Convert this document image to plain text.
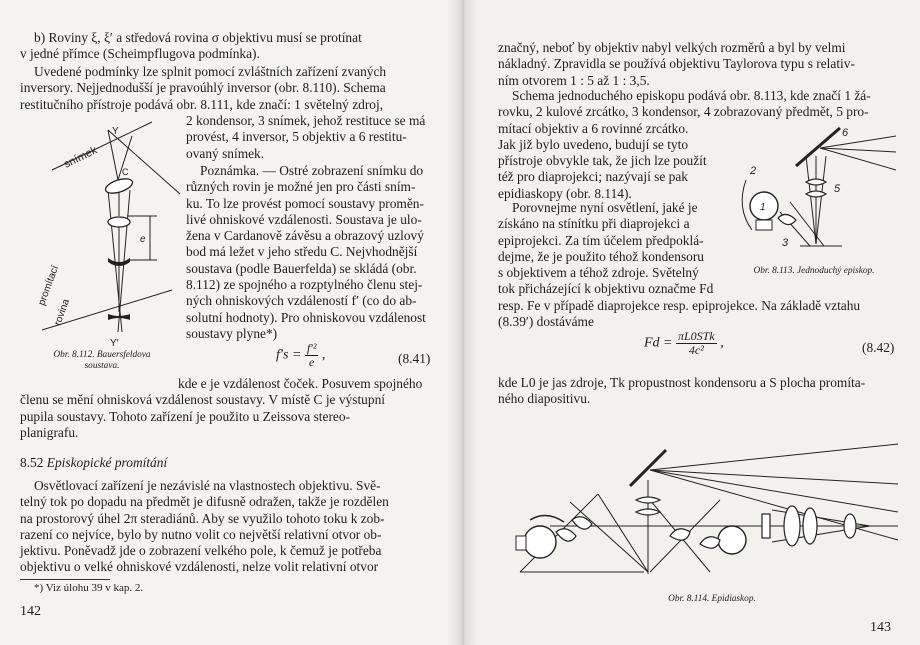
b) Roviny ξ, ξ′ a středová rovina σ objektivu musí se protínat
v jedné přímce (Scheimpflugova podmínka).
Uvedené podmínky lze splnit pomocí zvláštních zařízení zvaných
inversory. Nejjednodušší je pravoúhlý inversor (obr. 8.110). Schema
restitučního přístroje podává obr. 8.111, kde značí: 1 světelný zdroj,
2 kondensor, 3 snímek, jehož restituce se má
provést, 4 inversor, 5 objektiv a 6 restitu-
ovaný snímek.
Poznámka. — Ostré zobrazení snímku do
různých rovin je možné jen pro části sním-
ku. To lze provést pomocí soustavy proměn-
livé ohniskové vzdálenosti. Soustava je ulo-
žena v Cardanově závěsu a obrazový uzlový
bod má ležet v jeho středu C. Nejvhodnější
soustava (podle Bauerfelda) se skládá (obr.
8.112) ze spojného a rozptylného členu stej-
ných ohniskových vzdáleností f′ (co do ab-
solutní hodnoty). Pro ohniskovou vzdálenost
soustavy plyne*)
snímek
Y
C
e
promítací
rovina
Y′
Obr. 8.112. Bauersfeldova
soustava.
$f's = \frac{\text{f′²}}{e}$ ,	(8.41)
kde e je vzdálenost čoček. Posuvem spojného
členu se mění ohnisková vzdálenost soustavy. V místě C je výstupní
pupila soustavy. Tohoto zařízení je použito u Zeissova stereo-
planigrafu.
8.52 Episkopické promítání
Osvětlovací zařízení je nezávislé na vlastnostech objektivu. Svě-
telný tok po dopadu na předmět je difusně odražen, takže je rozdělen
na prostorový úhel 2π steradiánů. Aby se využilo tohoto toku k zob-
razení co nejvíce, bylo by nutno volit co největší relativní otvor ob-
jektivu. Poněvadž jde o zobrazení velkého pole, k čemuž je potřeba
objektivu o velké ohniskové vzdálenosti, nelze volit relativní otvor
*) Viz úlohu 39 v kap. 2.
142
značný, neboť by objektiv nabyl velkých rozměrů a byl by velmi
nákladný. Zpravidla se používá objektivu Taylorova typu s relativ-
ním otvorem 1 : 5 až 1 : 3,5.
Schema jednoduchého episkopu podává obr. 8.113, kde značí 1 žá-
rovku, 2 kulové zrcátko, 3 kondensor, 4 zobrazovaný předmět, 5 pro-
mítací objektiv a 6 rovinné zrcátko.
Jak již bylo uvedeno, budují se tyto
přístroje obvykle tak, že jich lze použít
též pro diaprojekci; nazývají se pak
epidiaskopy (obr. 8.114).
Porovnejme nyní osvětlení, jaké je
získáno na stínítku při diaprojekci a
epiprojekci. Za tím účelem předpoklá-
dejme, že je použito téhož kondensoru
s objektivem a téhož zdroje. Světelný
tok přicházející k objektivu označme Fd
resp. Fe v případě diaprojekce resp. epiprojekce. Na základě vztahu
(8.39′) dostáváme
6
2
1
5
3
Obr. 8.113. Jednoduchý episkop.
$Fd = \frac{\text{πL0STk}}{\text{4c²}}$ ,	(8.42)
kde L0 je jas zdroje, Tk propustnost kondensoru a S plocha promíta-
ného diapositivu.
Obr. 8.114. Epidiaskop.
143
